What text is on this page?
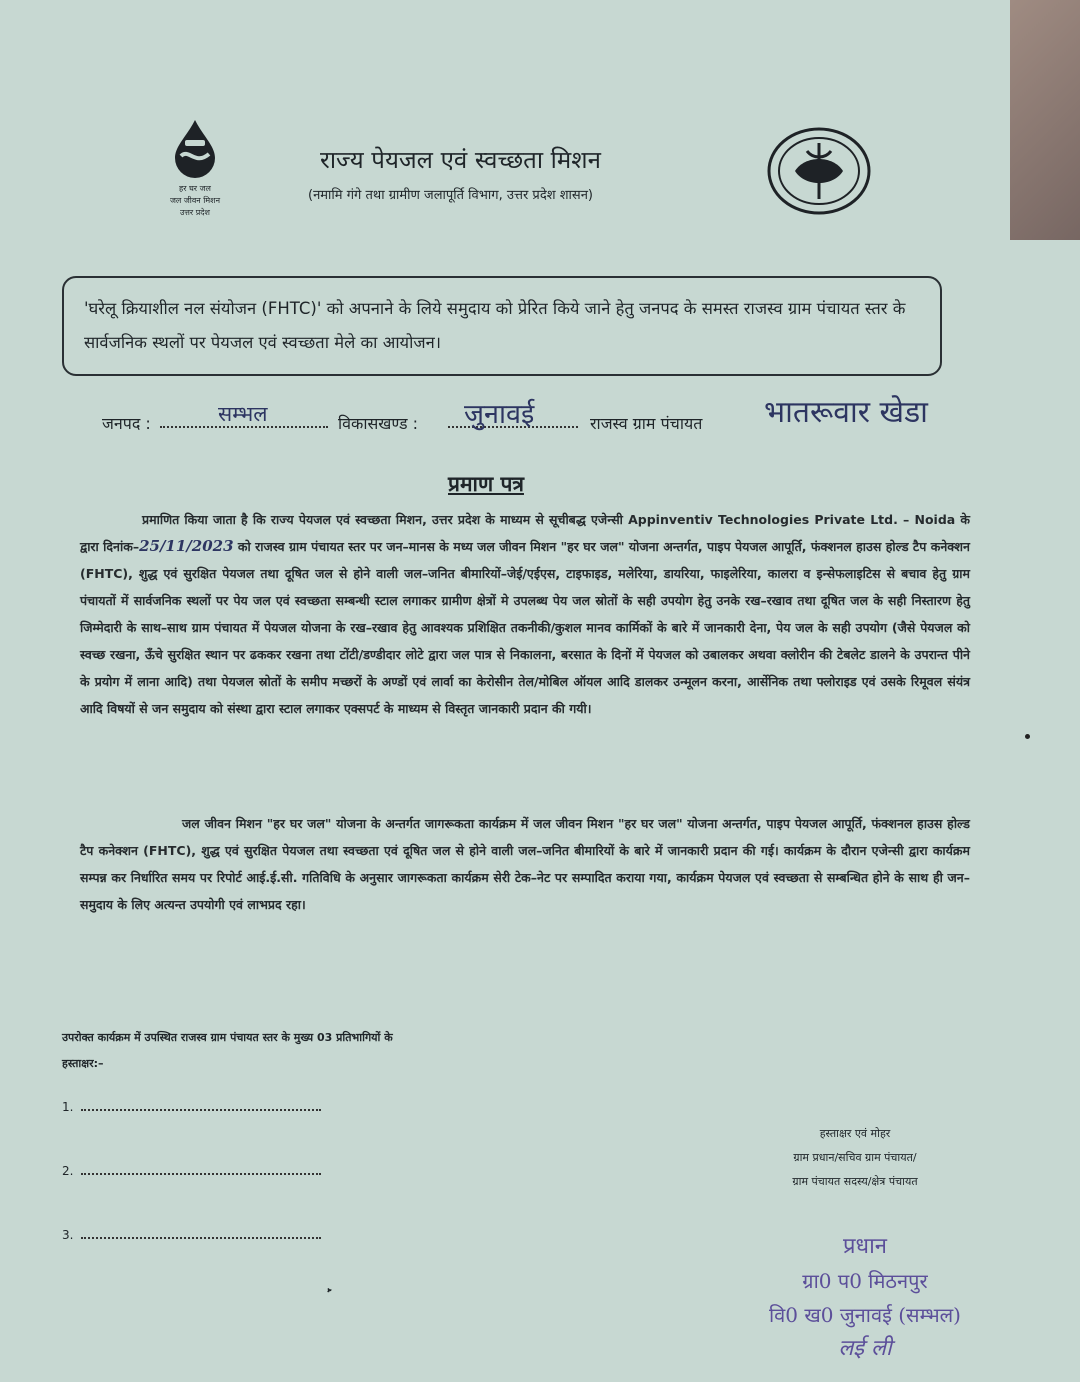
हर घर जल
जल जीवन मिशन
उत्तर प्रदेश
राज्य पेयजल एवं स्वच्छता मिशन
(नमामि गंगे तथा ग्रामीण जलापूर्ति विभाग, उत्तर प्रदेश शासन)
'घरेलू क्रियाशील नल संयोजन (FHTC)' को अपनाने के लिये समुदाय को प्रेरित किये जाने हेतु जनपद के समस्त राजस्व ग्राम पंचायत स्तर के सार्वजनिक स्थलों पर पेयजल एवं स्वच्छता मेले का आयोजन।
जनपद :	सम्भल	विकासखण्ड : जुनावई	राजस्व ग्राम पंचायत भातरूवार खेडा
प्रमाण पत्र
प्रमाणित किया जाता है कि राज्य पेयजल एवं स्वच्छता मिशन, उत्तर प्रदेश के माध्यम से सूचीबद्ध एजेन्सी Appinventiv Technologies Private Ltd. – Noida के द्वारा दिनांक–25/11/2023 को राजस्व ग्राम पंचायत स्तर पर जन–मानस के मध्य जल जीवन मिशन "हर घर जल" योजना अन्तर्गत, पाइप पेयजल आपूर्ति, फंक्शनल हाउस होल्ड टैप कनेक्शन (FHTC), शुद्ध एवं सुरक्षित पेयजल तथा दूषित जल से होने वाली जल–जनित बीमारियों–जेई/एईएस, टाइफाइड, मलेरिया, डायरिया, फाइलेरिया, कालरा व इन्सेफलाइटिस से बचाव हेतु ग्राम पंचायतों में सार्वजनिक स्थलों पर पेय जल एवं स्वच्छता सम्बन्धी स्टाल लगाकर ग्रामीण क्षेत्रों मे उपलब्ध पेय जल स्रोतों के सही उपयोग हेतु उनके रख–रखाव तथा दूषित जल के सही निस्तारण हेतु जिम्मेदारी के साथ–साथ ग्राम पंचायत में पेयजल योजना के रख–रखाव हेतु आवश्यक प्रशिक्षित तकनीकी/कुशल मानव कार्मिकों के बारे में जानकारी देना, पेय जल के सही उपयोग (जैसे पेयजल को स्वच्छ रखना, ऊँचे सुरक्षित स्थान पर ढककर रखना तथा टोंटी/डण्डीदार लोटे द्वारा जल पात्र से निकालना, बरसात के दिनों में पेयजल को उबालकर अथवा क्लोरीन की टेबलेट डालने के उपरान्त पीने के प्रयोग में लाना आदि) तथा पेयजल स्रोतों के समीप मच्छरों के अण्डों एवं लार्वा का केरोसीन तेल/मोबिल ऑयल आदि डालकर उन्मूलन करना, आर्सेनिक तथा फ्लोराइड एवं उसके रिमूवल संयंत्र आदि विषयों से जन समुदाय को संस्था द्वारा स्टाल लगाकर एक्सपर्ट के माध्यम से विस्तृत जानकारी प्रदान की गयी।
जल जीवन मिशन "हर घर जल" योजना के अन्तर्गत जागरूकता कार्यक्रम में जल जीवन मिशन "हर घर जल" योजना अन्तर्गत, पाइप पेयजल आपूर्ति, फंक्शनल हाउस होल्ड टैप कनेक्शन (FHTC), शुद्ध एवं सुरक्षित पेयजल तथा स्वच्छता एवं दूषित जल से होने वाली जल–जनित बीमारियों के बारे में जानकारी प्रदान की गई। कार्यक्रम के दौरान एजेन्सी द्वारा कार्यक्रम सम्पन्न कर निर्धारित समय पर रिपोर्ट आई.ई.सी. गतिविधि के अनुसार जागरूकता कार्यक्रम सेरी टेक–नेट पर सम्पादित कराया गया, कार्यक्रम पेयजल एवं स्वच्छता से सम्बन्धित होने के साथ ही जन–समुदाय के लिए अत्यन्त उपयोगी एवं लाभप्रद रहा।
उपरोक्त कार्यक्रम में उपस्थित राजस्व ग्राम पंचायत स्तर के मुख्य 03 प्रतिभागियों के
हस्ताक्षर:–
1.
2.
3.
हस्ताक्षर एवं मोहर
ग्राम प्रधान/सचिव ग्राम पंचायत/
ग्राम पंचायत सदस्य/क्षेत्र पंचायत
प्रधान
ग्रा0 प0 मिठनपुर
वि0 ख0 जुनावई (सम्भल)
लई ली
